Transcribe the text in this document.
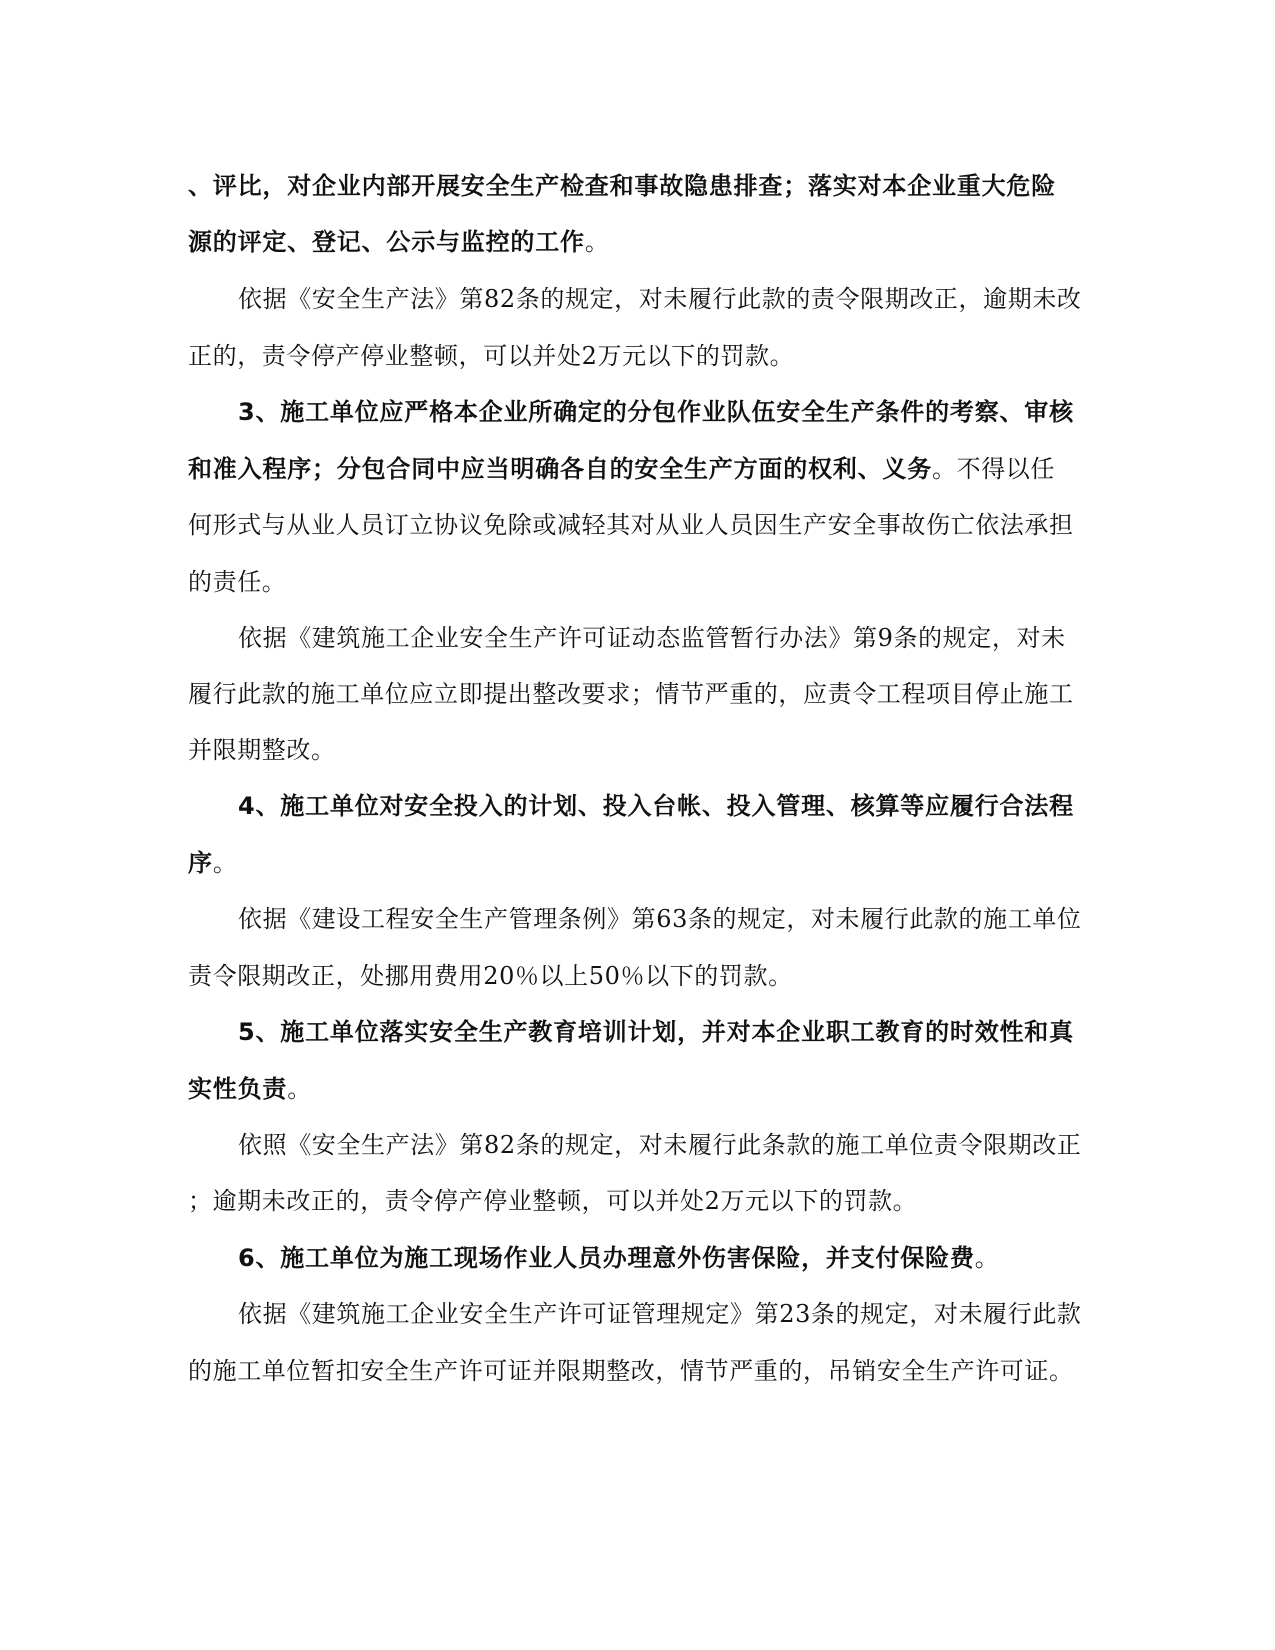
、评比，对企业内部开展安全生产检查和事故隐患排查；落实对本企业重大危险
源的评定、登记、公示与监控的工作。
依据《安全生产法》第82条的规定，对未履行此款的责令限期改正，逾期未改
正的，责令停产停业整顿，可以并处2万元以下的罚款。
3、施工单位应严格本企业所确定的分包作业队伍安全生产条件的考察、审核
和准入程序；分包合同中应当明确各自的安全生产方面的权利、义务。不得以任
何形式与从业人员订立协议免除或减轻其对从业人员因生产安全事故伤亡依法承担
的责任。
依据《建筑施工企业安全生产许可证动态监管暂行办法》第9条的规定，对未
履行此款的施工单位应立即提出整改要求；情节严重的，应责令工程项目停止施工
并限期整改。
4、施工单位对安全投入的计划、投入台帐、投入管理、核算等应履行合法程
序。
依据《建设工程安全生产管理条例》第63条的规定，对未履行此款的施工单位
责令限期改正，处挪用费用20％以上50％以下的罚款。
5、施工单位落实安全生产教育培训计划，并对本企业职工教育的时效性和真
实性负责。
依照《安全生产法》第82条的规定，对未履行此条款的施工单位责令限期改正
；逾期未改正的，责令停产停业整顿，可以并处2万元以下的罚款。
6、施工单位为施工现场作业人员办理意外伤害保险，并支付保险费。
依据《建筑施工企业安全生产许可证管理规定》第23条的规定，对未履行此款
的施工单位暂扣安全生产许可证并限期整改，情节严重的，吊销安全生产许可证。
